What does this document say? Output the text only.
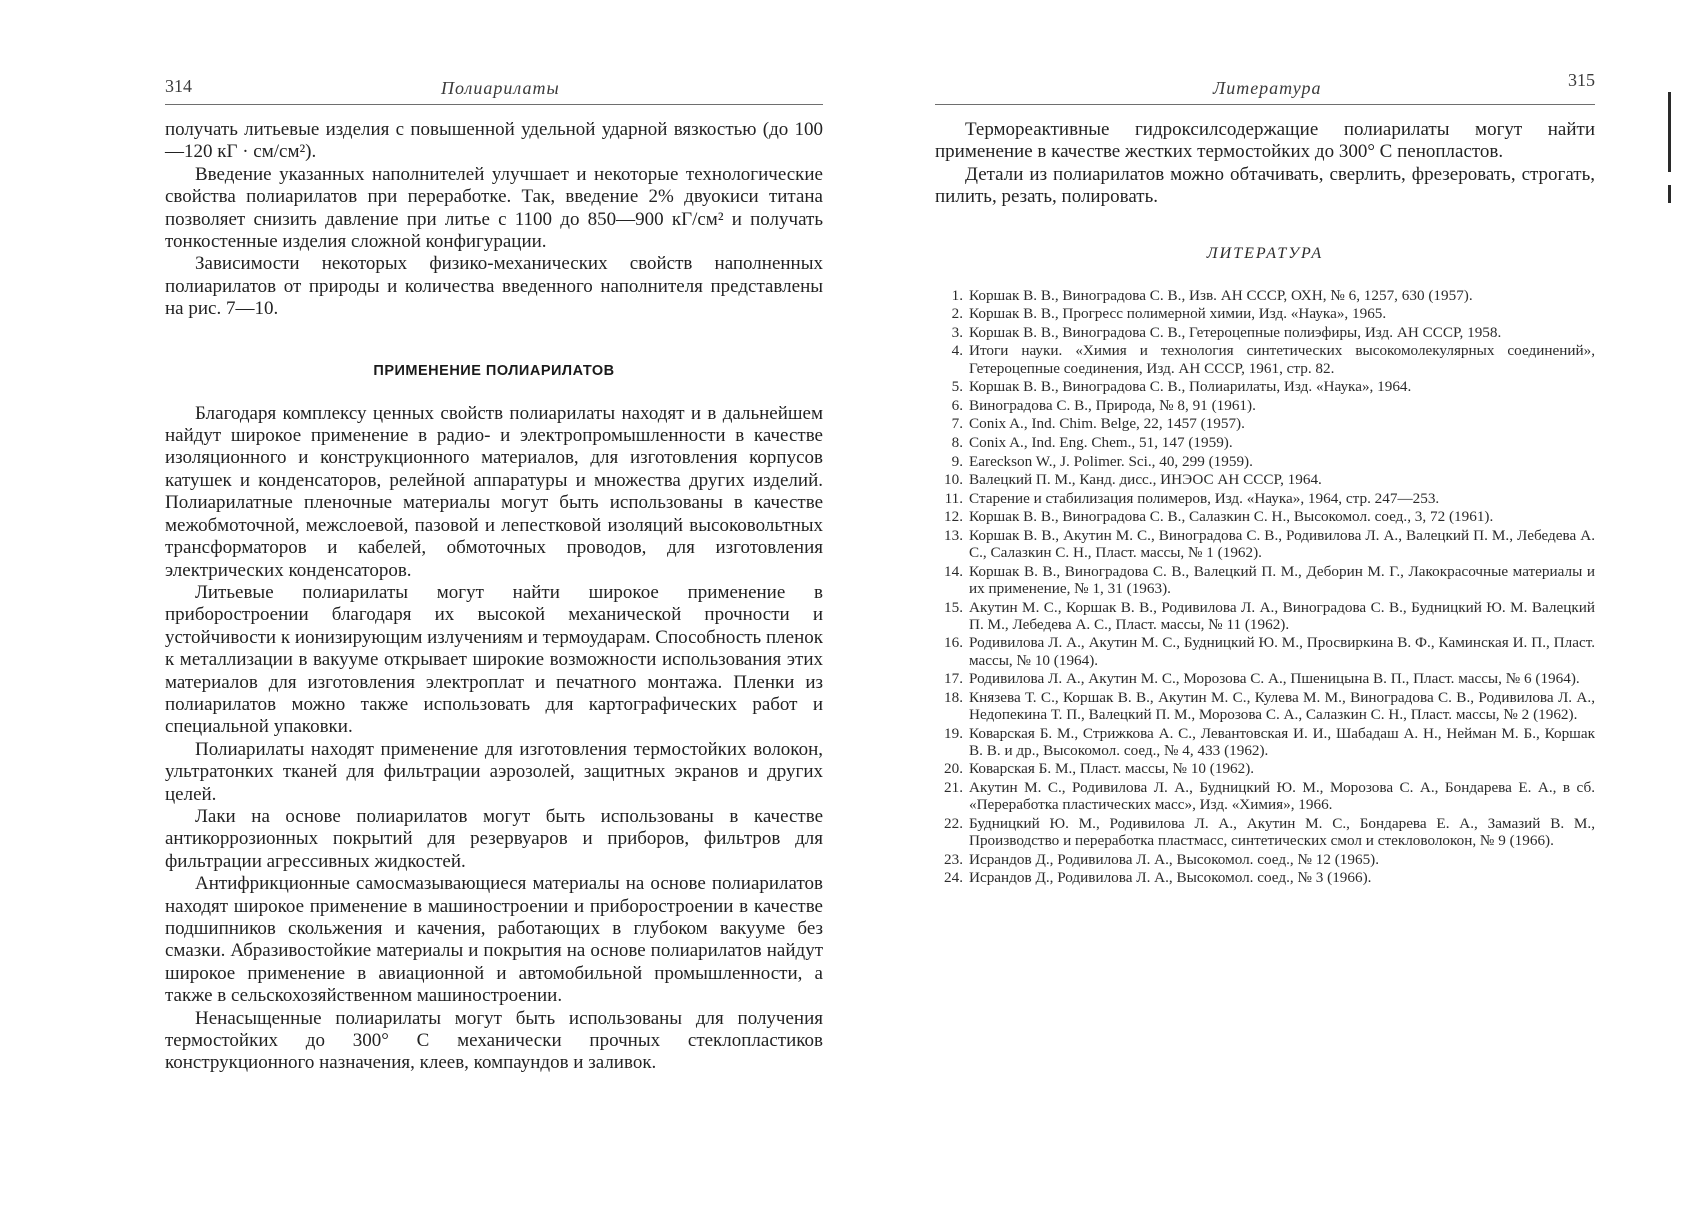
314	Полиарилаты

получать литьевые изделия с повышенной удельной ударной вязкостью (до 100—120 кГ · см/см²).

Введение указанных наполнителей улучшает и некоторые технологические свойства полиарилатов при переработке. Так, введение 2% двуокиси титана позволяет снизить давление при литье с 1100 до 850—900 кГ/см² и получать тонкостенные изделия сложной конфигурации.

Зависимости некоторых физико-механических свойств наполненных полиарилатов от природы и количества введенного наполнителя представлены на рис. 7—10.

ПРИМЕНЕНИЕ ПОЛИАРИЛАТОВ

Благодаря комплексу ценных свойств полиарилаты находят и в дальнейшем найдут широкое применение в радио- и электропромышленности в качестве изоляционного и конструкционного материалов, для изготовления корпусов катушек и конденсаторов, релейной аппаратуры и множества других изделий. Полиарилатные пленочные материалы могут быть использованы в качестве межобмоточной, межслоевой, пазовой и лепестковой изоляций высоковольтных трансформаторов и кабелей, обмоточных проводов, для изготовления электрических конденсаторов.

Литьевые полиарилаты могут найти широкое применение в приборостроении благодаря их высокой механической прочности и устойчивости к ионизирующим излучениям и термоударам. Способность пленок к металлизации в вакууме открывает широкие возможности использования этих материалов для изготовления электроплат и печатного монтажа. Пленки из полиарилатов можно также использовать для картографических работ и специальной упаковки.

Полиарилаты находят применение для изготовления термостойких волокон, ультратонких тканей для фильтрации аэрозолей, защитных экранов и других целей.

Лаки на основе полиарилатов могут быть использованы в качестве антикоррозионных покрытий для резервуаров и приборов, фильтров для фильтрации агрессивных жидкостей.

Антифрикционные самосмазывающиеся материалы на основе полиарилатов находят широкое применение в машиностроении и приборостроении в качестве подшипников скольжения и качения, работающих в глубоком вакууме без смазки. Абразивостойкие материалы и покрытия на основе полиарилатов найдут широкое применение в авиационной и автомобильной промышленности, а также в сельскохозяйственном машиностроении.

Ненасыщенные полиарилаты могут быть использованы для получения термостойких до 300° С механически прочных стеклопластиков конструкционного назначения, клеев, компаундов и заливок.

Литература	315

Термореактивные гидроксилсодержащие полиарилаты могут найти применение в качестве жестких термостойких до 300° С пенопластов.

Детали из полиарилатов можно обтачивать, сверлить, фрезеровать, строгать, пилить, резать, полировать.

ЛИТЕРАТУРА
1. Коршак В. В., Виноградова С. В., Изв. АН СССР, ОХН, № 6, 1257, 630 (1957).
2. Коршак В. В., Прогресс полимерной химии, Изд. «Наука», 1965.
3. Коршак В. В., Виноградова С. В., Гетероцепные полиэфиры, Изд. АН СССР, 1958.
4. Итоги науки. «Химия и технология синтетических высокомолекулярных соединений», Гетероцепные соединения, Изд. АН СССР, 1961, стр. 82.
5. Коршак В. В., Виноградова С. В., Полиарилаты, Изд. «Наука», 1964.
6. Виноградова С. В., Природа, № 8, 91 (1961).
7. Conix A., Ind. Chim. Belge, 22, 1457 (1957).
8. Conix A., Ind. Eng. Chem., 51, 147 (1959).
9. Eareckson W., J. Polimer. Sci., 40, 299 (1959).
10. Валецкий П. М., Канд. дисс., ИНЭОС АН СССР, 1964.
11. Старение и стабилизация полимеров, Изд. «Наука», 1964, стр. 247—253.
12. Коршак В. В., Виноградова С. В., Салазкин С. Н., Высокомол. соед., 3, 72 (1961).
13. Коршак В. В., Акутин М. С., Виноградова С. В., Родивилова Л. А., Валецкий П. М., Лебедева А. С., Салазкин С. Н., Пласт. массы, № 1 (1962).
14. Коршак В. В., Виноградова С. В., Валецкий П. М., Деборин М. Г., Лакокрасочные материалы и их применение, № 1, 31 (1963).
15. Акутин М. С., Коршак В. В., Родивилова Л. А., Виноградова С. В., Будницкий Ю. М. Валецкий П. М., Лебедева А. С., Пласт. массы, № 11 (1962).
16. Родивилова Л. А., Акутин М. С., Будницкий Ю. М., Просвиркина В. Ф., Каминская И. П., Пласт. массы, № 10 (1964).
17. Родивилова Л. А., Акутин М. С., Морозова С. А., Пшеницына В. П., Пласт. массы, № 6 (1964).
18. Князева Т. С., Коршак В. В., Акутин М. С., Кулева М. М., Виноградова С. В., Родивилова Л. А., Недопекина Т. П., Валецкий П. М., Морозова С. А., Салазкин С. Н., Пласт. массы, № 2 (1962).
19. Коварская Б. М., Стрижкова А. С., Левантовская И. И., Шабадаш А. Н., Нейман М. Б., Коршак В. В. и др., Высокомол. соед., № 4, 433 (1962).
20. Коварская Б. М., Пласт. массы, № 10 (1962).
21. Акутин М. С., Родивилова Л. А., Будницкий Ю. М., Морозова С. А., Бондарева Е. А., в сб. «Переработка пластических масс», Изд. «Химия», 1966.
22. Будницкий Ю. М., Родивилова Л. А., Акутин М. С., Бондарева Е. А., Замазий В. М., Производство и переработка пластмасс, синтетических смол и стекловолокон, № 9 (1966).
23. Исрандов Д., Родивилова Л. А., Высокомол. соед., № 12 (1965).
24. Исрандов Д., Родивилова Л. А., Высокомол. соед., № 3 (1966).
